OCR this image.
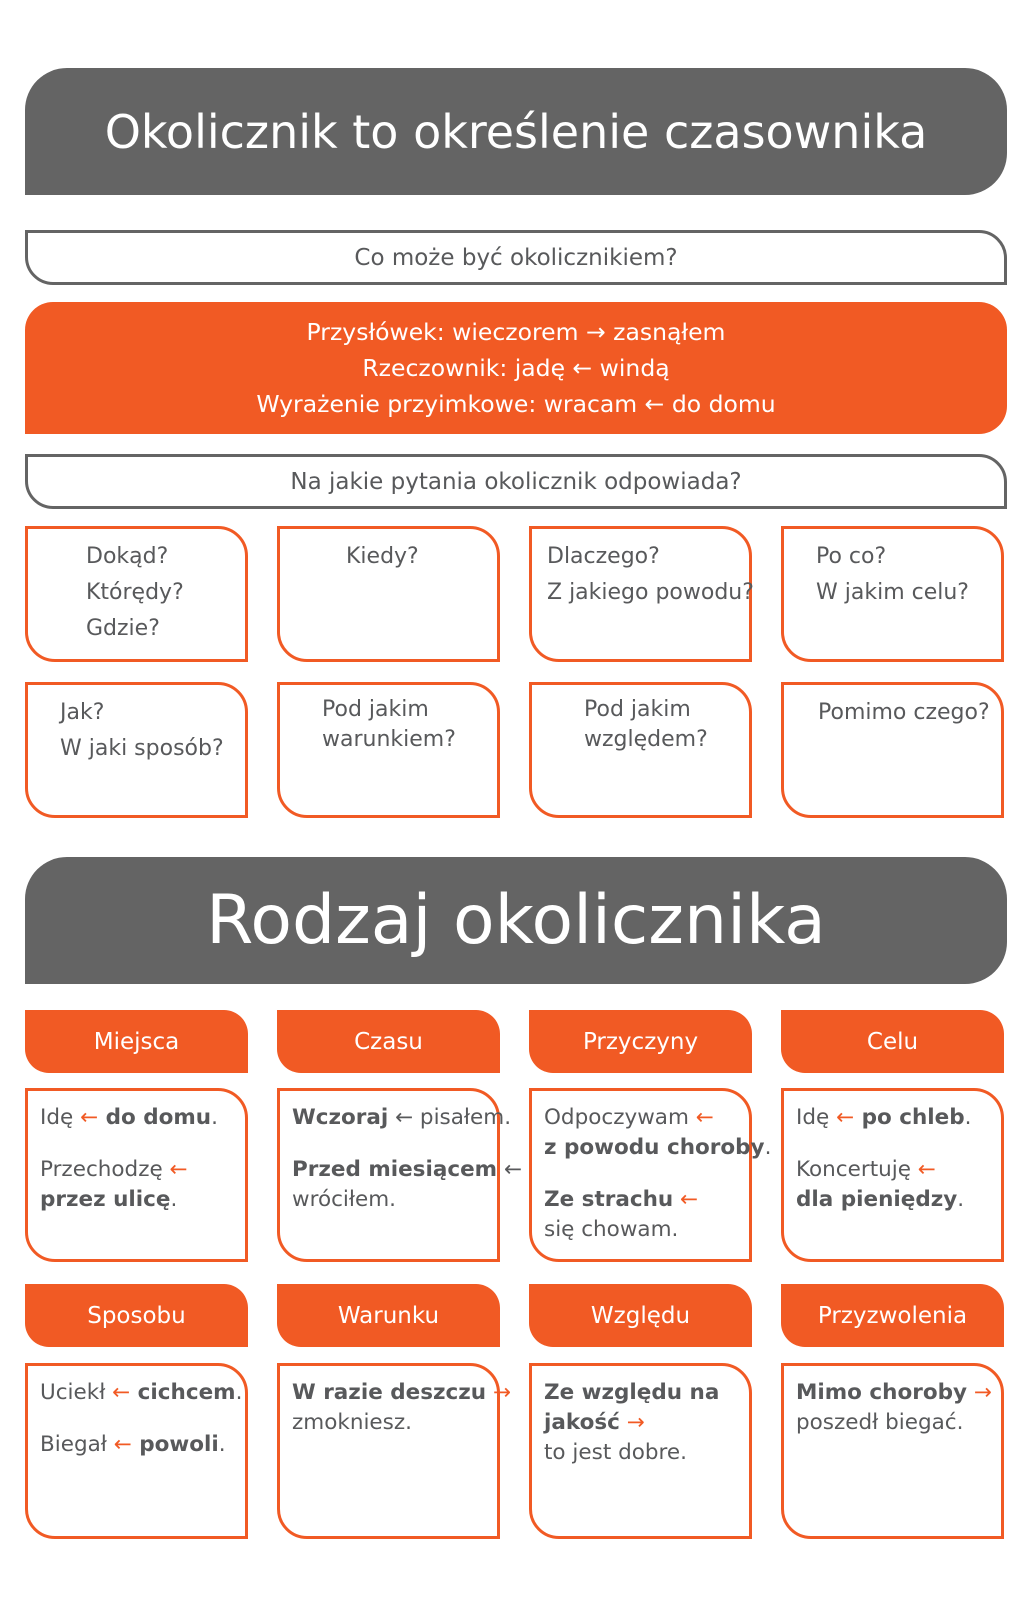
Okolicznik to określenie czasownika
Co może być okolicznikiem?
Przysłówek: wieczorem → zasnąłem
Rzeczownik: jadę ← windą
Wyrażenie przyimkowe: wracam ← do domu
Na jakie pytania okolicznik odpowiada?
Dokąd?
Którędy?
Gdzie?
Kiedy?	Dlaczego?
Z jakiego powodu?
Po co?
W jakim celu?
Jak?
W jaki sposób?
Pod jakim
warunkiem?
Pod jakim
względem?
Pomimo czego?
Rodzaj okolicznika
Miejsca	Czasu	Przyczyny	Celu
Idę ← do domu.
Przechodzę ←
przez ulicę.
Wczoraj ← pisałem.
Przed miesiącem ←
wróciłem.
Odpoczywam ←
z powodu choroby.
Ze strachu ←
się chowam.
Idę ← po chleb.
Koncertuję ←
dla pieniędzy.
Sposobu	Warunku	Względu	Przyzwolenia
Uciekł ← cichcem.
Biegał ← powoli.
W razie deszczu →
zmokniesz.
Ze względu na
jakość →
to jest dobre.
Mimo choroby →
poszedł biegać.
